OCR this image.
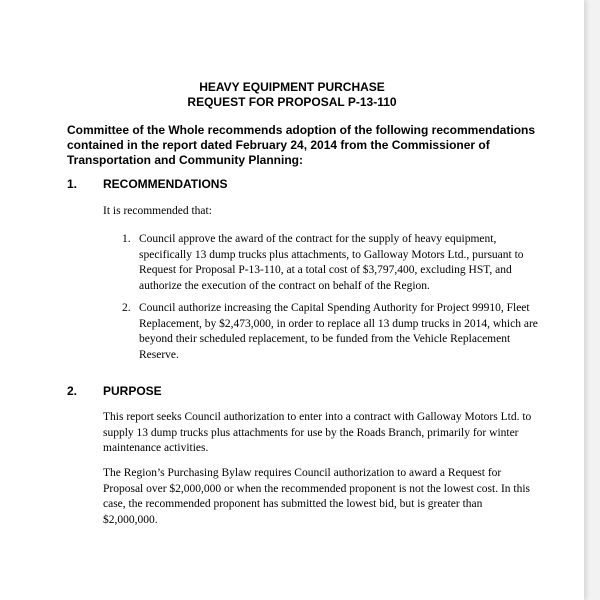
HEAVY EQUIPMENT PURCHASE
REQUEST FOR PROPOSAL P-13-110
Committee of the Whole recommends adoption of the following recommendations contained in the report dated February 24, 2014 from the Commissioner of Transportation and Community Planning:
1. RECOMMENDATIONS
It is recommended that:
1. Council approve the award of the contract for the supply of heavy equipment, specifically 13 dump trucks plus attachments, to Galloway Motors Ltd., pursuant to Request for Proposal P-13-110, at a total cost of $3,797,400, excluding HST, and authorize the execution of the contract on behalf of the Region.
2. Council authorize increasing the Capital Spending Authority for Project 99910, Fleet Replacement, by $2,473,000, in order to replace all 13 dump trucks in 2014, which are beyond their scheduled replacement, to be funded from the Vehicle Replacement Reserve.
2. PURPOSE
This report seeks Council authorization to enter into a contract with Galloway Motors Ltd. to supply 13 dump trucks plus attachments for use by the Roads Branch, primarily for winter maintenance activities.
The Region’s Purchasing Bylaw requires Council authorization to award a Request for Proposal over $2,000,000 or when the recommended proponent is not the lowest cost. In this case, the recommended proponent has submitted the lowest bid, but is greater than $2,000,000.
